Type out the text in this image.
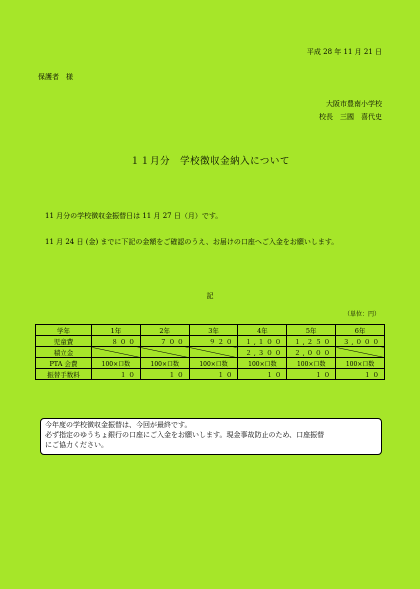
平成 28 年 11 月 21 日
保護者　様
大阪市豊南小学校
校長　三國　喜代史
１１月分　学校徴収金納入について
11 月分の学校徴収金振替日は 11 月 27 日（月）です。
11 月 24 日 (金) までに下記の金額をご確認のうえ、お届けの口座へご入金をお願いします。
記
（単位：円）
学年	1年	2年	3年	4年	5年	6年
児童費	８００	７００	９２０	１,１００	１,２５０	３,０００
積立金				２,３００	２,０００	
PTA 会費	100×口数	100×口数	100×口数	100×口数	100×口数	100×口数
振替手数料	１０	１０	１０	１０	１０	１０
今年度の学校徴収金振替は、今回が最終です。
必ず指定のゆうちょ銀行の口座にご入金をお願いします。現金事故防止のため、口座振替
にご協力ください。
